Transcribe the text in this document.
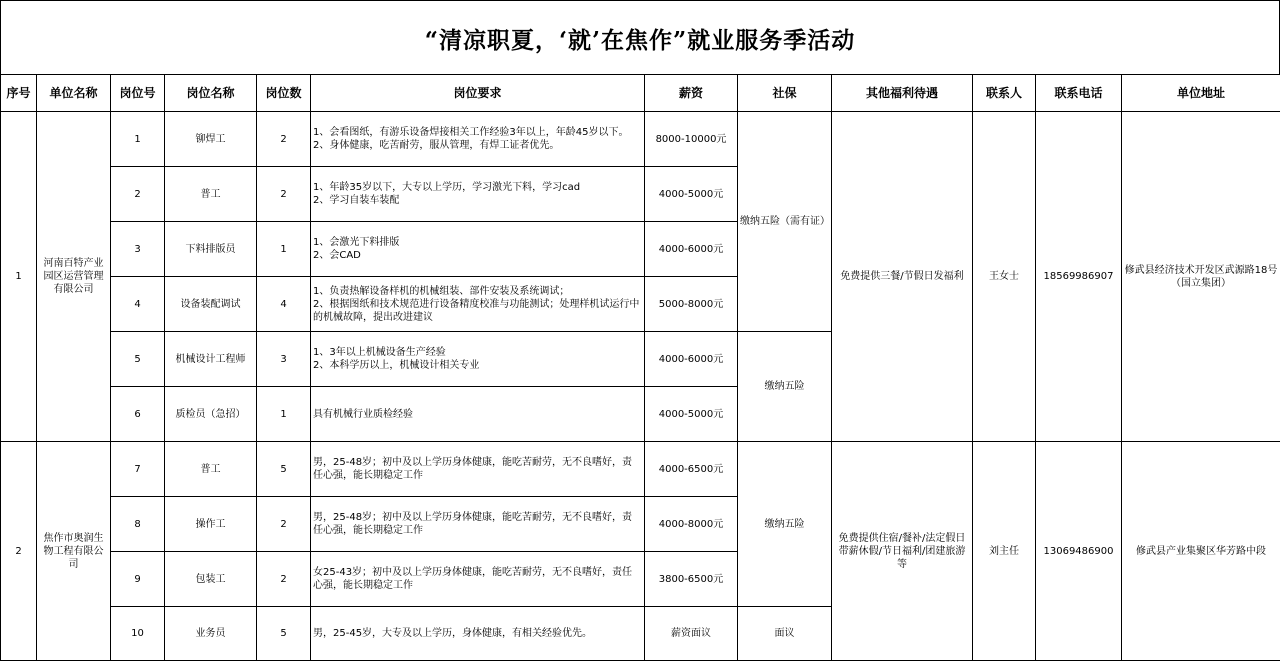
“清凉职夏，‘就’在焦作”就业服务季活动
序号	单位名称	岗位号	岗位名称	岗位数	岗位要求	薪资	社保	其他福利待遇	联系人	联系电话	单位地址
1	河南百特产业园区运营管理有限公司	1	铆焊工	2	1、会看图纸，有游乐设备焊接相关工作经验3年以上，年龄45岁以下。
2、身体健康，吃苦耐劳，服从管理，有焊工证者优先。	8000-10000元	缴纳五险（需有证）	免费提供三餐/节假日发福利	王女士	18569986907	修武县经济技术开发区武源路18号 （国立集团）
		2	普工	2	1、年龄35岁以下，大专以上学历，学习激光下料，学习cad
2、学习自装车装配	4000-5000元					
		3	下料排版员	1	1、会激光下料排版
2、会CAD	4000-6000元					
		4	设备装配调试	4	1、负责热解设备样机的机械组装、部件安装及系统调试；
2、根据图纸和技术规范进行设备精度校准与功能测试；处理样机试运行中的机械故障，提出改进建议	5000-8000元					
		5	机械设计工程师	3	1、3年以上机械设备生产经验
2、本科学历以上，机械设计相关专业	4000-6000元	缴纳五险				
		6	质检员（急招）	1	具有机械行业质检经验	4000-5000元					
2	焦作市奥润生物工程有限公司	7	普工	5	男，25-48岁；初中及以上学历身体健康，能吃苦耐劳，无不良嗜好，责任心强，能长期稳定工作	4000-6500元	缴纳五险	免费提供住宿/餐补/法定假日带薪休假/节日福利/团建旅游等	刘主任	13069486900	修武县产业集聚区华芳路中段
		8	操作工	2	男，25-48岁；初中及以上学历身体健康，能吃苦耐劳，无不良嗜好，责任心强，能长期稳定工作	4000-8000元					
		9	包装工	2	女25-43岁；初中及以上学历身体健康，能吃苦耐劳，无不良嗜好，责任心强，能长期稳定工作	3800-6500元					
		10	业务员	5	男，25-45岁，大专及以上学历，身体健康，有相关经验优先。	薪资面议	面议				
